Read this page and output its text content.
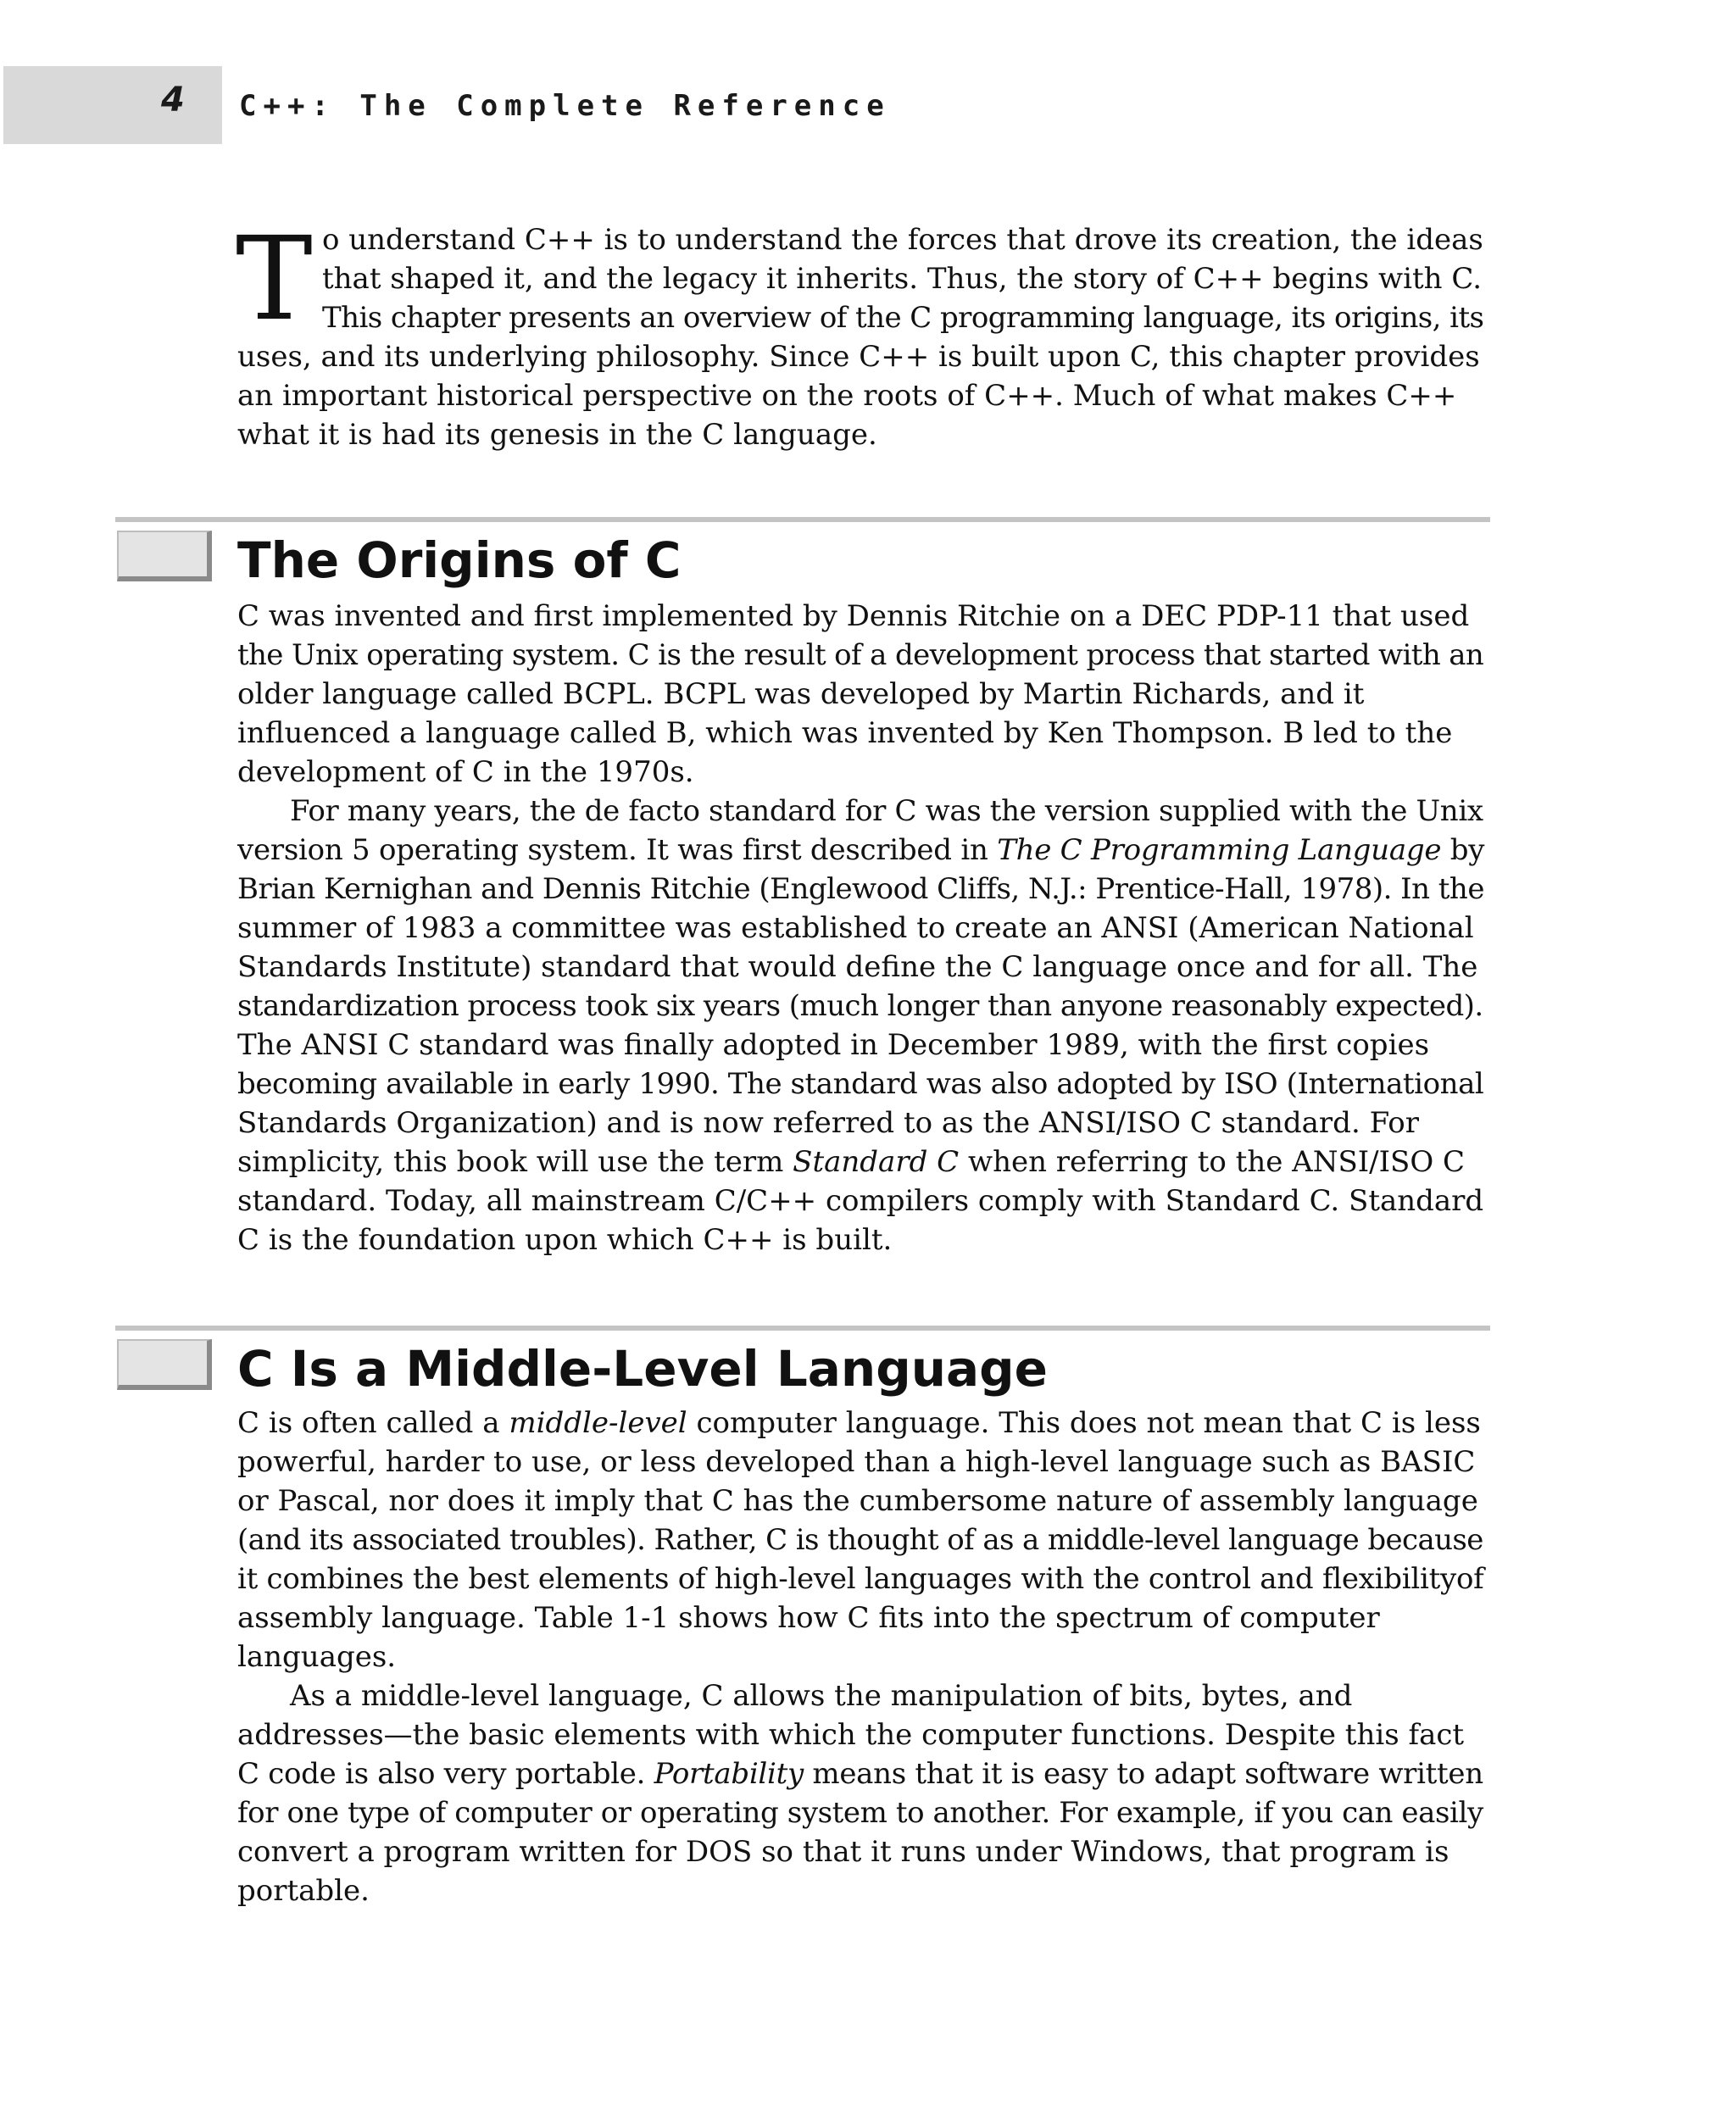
4 C++: The Complete Reference
T o understand C++ is to understand the forces that drove its creation, the ideas
that shaped it, and the legacy it inherits. Thus, the story of C++ begins with C.
This chapter presents an overview of the C programming language, its origins, its
uses, and its underlying philosophy. Since C++ is built upon C, this chapter provides
an important historical perspective on the roots of C++. Much of what makes C++
what it is had its genesis in the C language.

The Origins of C

C was invented and first implemented by Dennis Ritchie on a DEC PDP-11 that used
the Unix operating system. C is the result of a development process that started with an
older language called BCPL. BCPL was developed by Martin Richards, and it
influenced a language called B, which was invented by Ken Thompson. B led to the
development of C in the 1970s.

For many years, the de facto standard for C was the version supplied with the Unix
version 5 operating system. It was first described in The C Programming Language by
Brian Kernighan and Dennis Ritchie (Englewood Cliffs, N.J.: Prentice-Hall, 1978). In the
summer of 1983 a committee was established to create an ANSI (American National
Standards Institute) standard that would define the C language once and for all. The
standardization process took six years (much longer than anyone reasonably expected).
The ANSI C standard was finally adopted in December 1989, with the first copies
becoming available in early 1990. The standard was also adopted by ISO (International
Standards Organization) and is now referred to as the ANSI/ISO C standard. For
simplicity, this book will use the term Standard C when referring to the ANSI/ISO C
standard. Today, all mainstream C/C++ compilers comply with Standard C. Standard
C is the foundation upon which C++ is built.

C Is a Middle-Level Language

C is often called a middle-level computer language. This does not mean that C is less
powerful, harder to use, or less developed than a high-level language such as BASIC
or Pascal, nor does it imply that C has the cumbersome nature of assembly language
(and its associated troubles). Rather, C is thought of as a middle-level language because
it combines the best elements of high-level languages with the control and flexibilityof
assembly language. Table 1-1 shows how C fits into the spectrum of computer
languages.

As a middle-level language, C allows the manipulation of bits, bytes, and
addresses—the basic elements with which the computer functions. Despite this fact
C code is also very portable. Portability means that it is easy to adapt software written
for one type of computer or operating system to another. For example, if you can easily
convert a program written for DOS so that it runs under Windows, that program is
portable.
